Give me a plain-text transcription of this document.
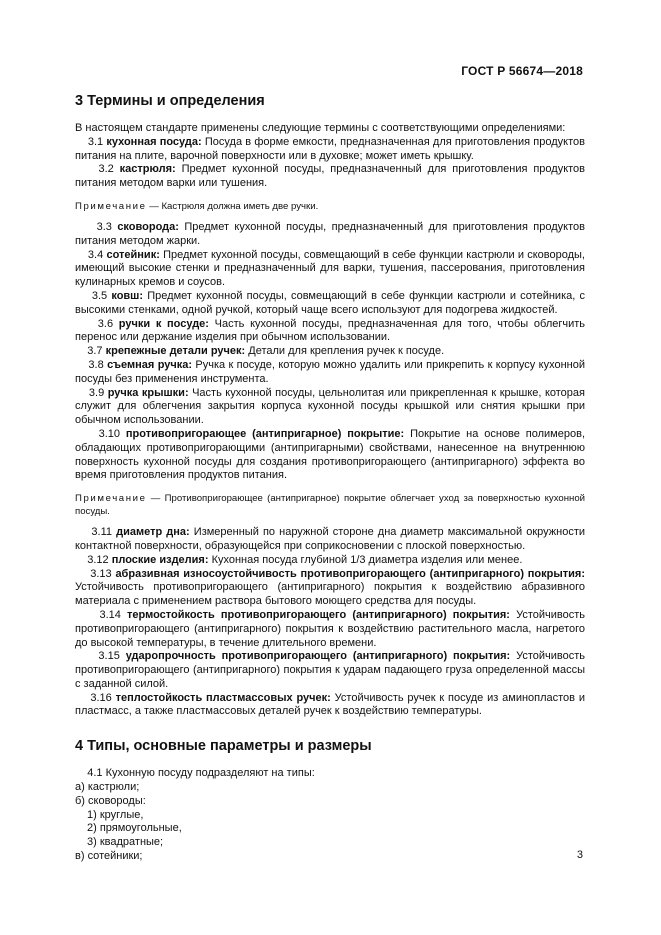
ГОСТ Р 56674—2018
3 Термины и определения

В настоящем стандарте применены следующие термины с соответствующими определениями:

3.1 кухонная посуда: Посуда в форме емкости, предназначенная для приготовления продуктов питания на плите, варочной поверхности или в духовке; может иметь крышку.

3.2 кастрюля: Предмет кухонной посуды, предназначенный для приготовления продуктов питания методом варки или тушения.

Примечание — Кастрюля должна иметь две ручки.

3.3 сковорода: Предмет кухонной посуды, предназначенный для приготовления продуктов питания методом жарки.

3.4 сотейник: Предмет кухонной посуды, совмещающий в себе функции кастрюли и сковороды, имеющий высокие стенки и предназначенный для варки, тушения, пассерования, приготовления кулинарных кремов и соусов.

3.5 ковш: Предмет кухонной посуды, совмещающий в себе функции кастрюли и сотейника, с высокими стенками, одной ручкой, который чаще всего используют для подогрева жидкостей.

3.6 ручки к посуде: Часть кухонной посуды, предназначенная для того, чтобы облегчить перенос или держание изделия при обычном использовании.

3.7 крепежные детали ручек: Детали для крепления ручек к посуде.

3.8 съемная ручка: Ручка к посуде, которую можно удалить или прикрепить к корпусу кухонной посуды без применения инструмента.

3.9 ручка крышки: Часть кухонной посуды, цельнолитая или прикрепленная к крышке, которая служит для облегчения закрытия корпуса кухонной посуды крышкой или снятия крышки при обычном использовании.

3.10 противопригорающее (антипригарное) покрытие: Покрытие на основе полимеров, обладающих противопригорающими (антипригарными) свойствами, нанесенное на внутреннюю поверхность кухонной посуды для создания противопригорающего (антипригарного) эффекта во время приготовления продуктов питания.

Примечание — Противопригорающее (антипригарное) покрытие облегчает уход за поверхностью кухонной посуды.

3.11 диаметр дна: Измеренный по наружной стороне дна диаметр максимальной окружности контактной поверхности, образующейся при соприкосновении с плоской поверхностью.

3.12 плоские изделия: Кухонная посуда глубиной 1/3 диаметра изделия или менее.

3.13 абразивная износоустойчивость противопригорающего (антипригарного) покрытия: Устойчивость противопригорающего (антипригарного) покрытия к воздействию абразивного материала с применением раствора бытового моющего средства для посуды.

3.14 термостойкость противопригорающего (антипригарного) покрытия: Устойчивость противопригорающего (антипригарного) покрытия к воздействию растительного масла, нагретого до высокой температуры, в течение длительного времени.

3.15 ударопрочность противопригорающего (антипригарного) покрытия: Устойчивость противопригорающего (антипригарного) покрытия к ударам падающего груза определенной массы с заданной силой.

3.16 теплостойкость пластмассовых ручек: Устойчивость ручек к посуде из аминопластов и пластмасс, а также пластмассовых деталей ручек к воздействию температуры.

4 Типы, основные параметры и размеры
4.1 Кухонную посуду подразделяют на типы:
а) кастрюли;
б) сковороды:
1) круглые,
2) прямоугольные,
3) квадратные;
в) сотейники;	3
